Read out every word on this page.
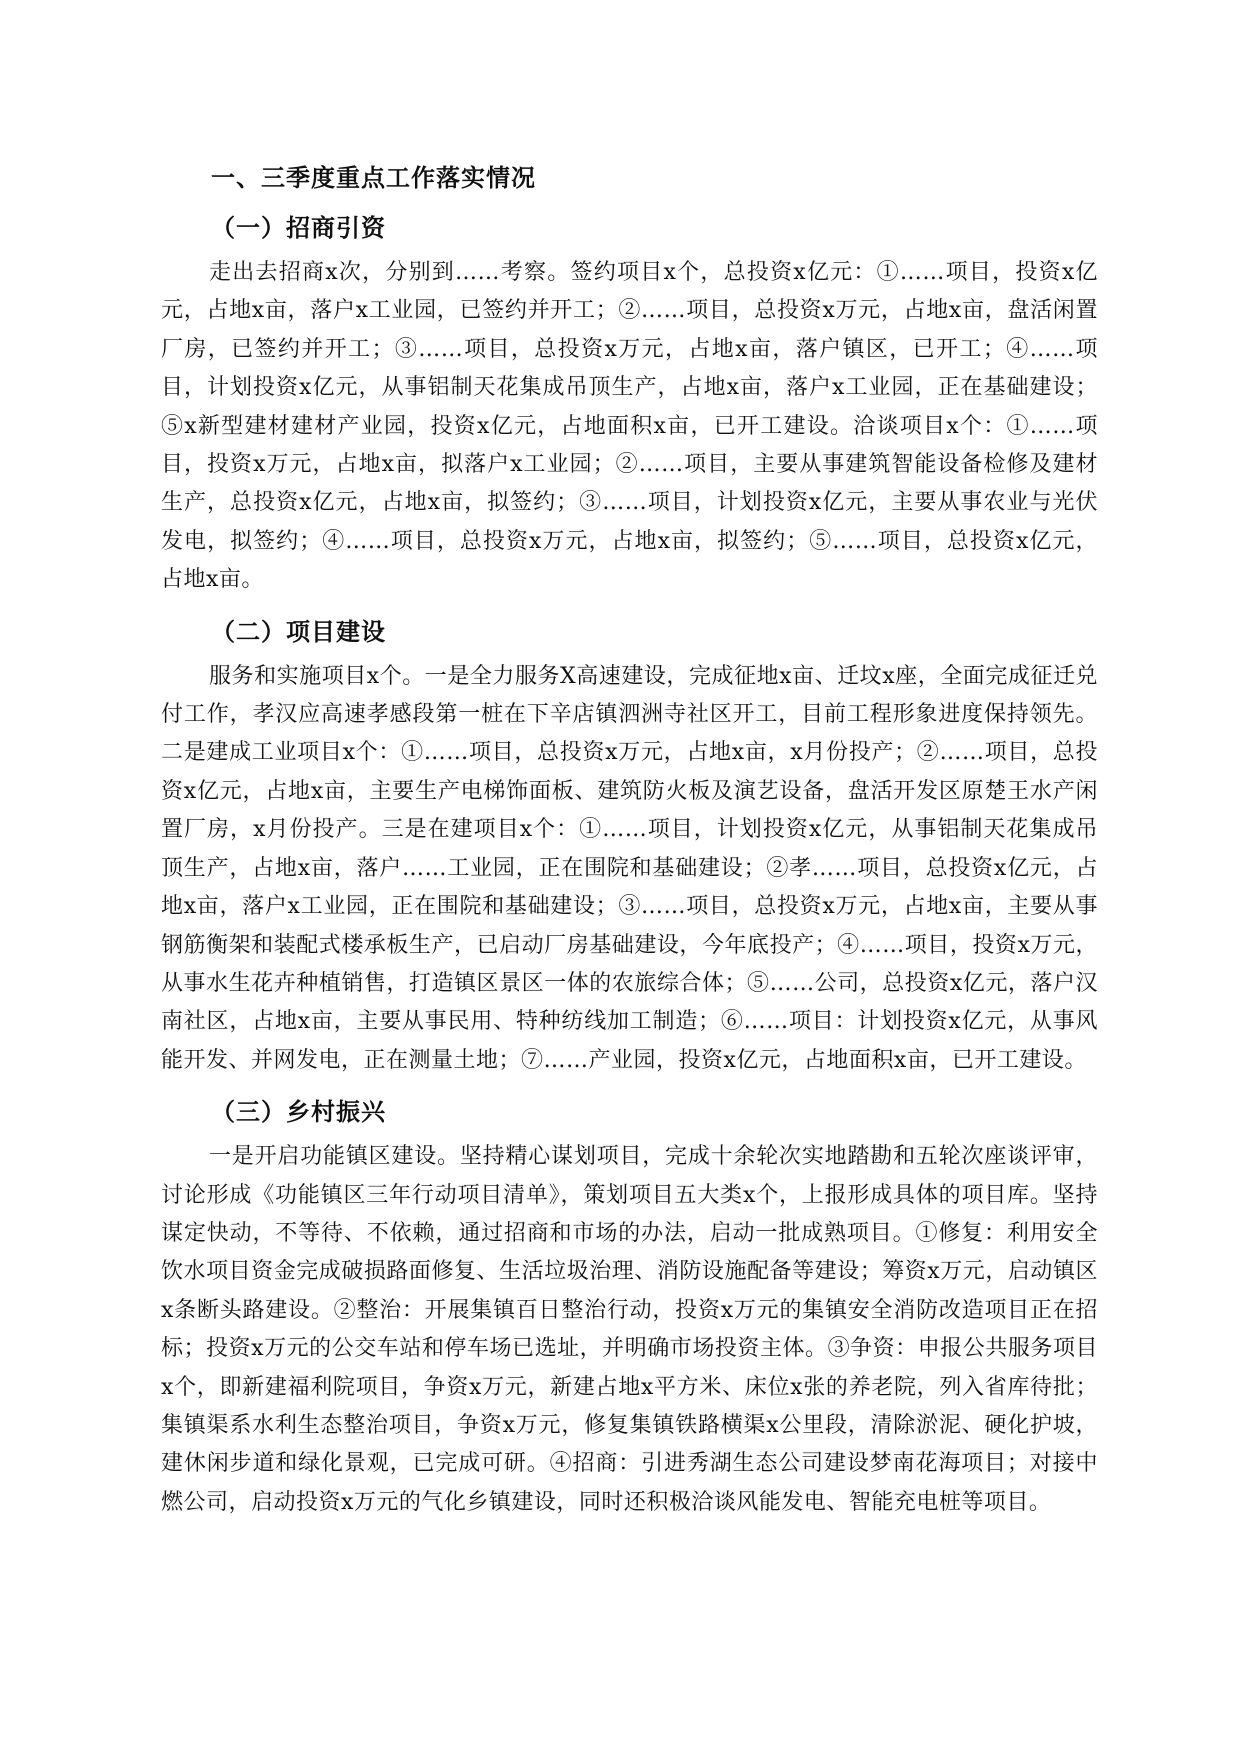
一、三季度重点工作落实情况
（一）招商引资
走出去招商x次，分别到……考察。签约项目x个，总投资x亿元：①……项目，投资x亿元，占地x亩，落户x工业园，已签约并开工；②……项目，总投资x万元，占地x亩，盘活闲置厂房，已签约并开工；③……项目，总投资x万元，占地x亩，落户镇区，已开工；④……项目，计划投资x亿元，从事铝制天花集成吊顶生产，占地x亩，落户x工业园，正在基础建设；⑤x新型建材建材产业园，投资x亿元，占地面积x亩，已开工建设。洽谈项目x个：①……项目，投资x万元，占地x亩，拟落户x工业园；②……项目，主要从事建筑智能设备检修及建材生产，总投资x亿元，占地x亩，拟签约；③……项目，计划投资x亿元，主要从事农业与光伏发电，拟签约；④……项目，总投资x万元，占地x亩，拟签约；⑤……项目，总投资x亿元，占地x亩。
（二）项目建设
服务和实施项目x个。一是全力服务X高速建设，完成征地x亩、迁坟x座，全面完成征迁兑付工作，孝汉应高速孝感段第一桩在下辛店镇泗洲寺社区开工，目前工程形象进度保持领先。二是建成工业项目x个：①……项目，总投资x万元，占地x亩，x月份投产；②……项目，总投资x亿元，占地x亩，主要生产电梯饰面板、建筑防火板及演艺设备，盘活开发区原楚王水产闲置厂房，x月份投产。三是在建项目x个：①……项目，计划投资x亿元，从事铝制天花集成吊顶生产，占地x亩，落户……工业园，正在围院和基础建设；②孝……项目，总投资x亿元，占地x亩，落户x工业园，正在围院和基础建设；③……项目，总投资x万元，占地x亩，主要从事钢筋衡架和装配式楼承板生产，已启动厂房基础建设，今年底投产；④……项目，投资x万元，从事水生花卉种植销售，打造镇区景区一体的农旅综合体；⑤……公司，总投资x亿元，落户汉南社区，占地x亩，主要从事民用、特种纺线加工制造；⑥……项目：计划投资x亿元，从事风能开发、并网发电，正在测量土地；⑦……产业园，投资x亿元，占地面积x亩，已开工建设。
（三）乡村振兴
一是开启功能镇区建设。坚持精心谋划项目，完成十余轮次实地踏勘和五轮次座谈评审，讨论形成《功能镇区三年行动项目清单》，策划项目五大类x个，上报形成具体的项目库。坚持谋定快动，不等待、不依赖，通过招商和市场的办法，启动一批成熟项目。①修复：利用安全饮水项目资金完成破损路面修复、生活垃圾治理、消防设施配备等建设；筹资x万元，启动镇区x条断头路建设。②整治：开展集镇百日整治行动，投资x万元的集镇安全消防改造项目正在招标；投资x万元的公交车站和停车场已选址，并明确市场投资主体。③争资：申报公共服务项目x个，即新建福利院项目，争资x万元，新建占地x平方米、床位x张的养老院，列入省库待批；集镇渠系水利生态整治项目，争资x万元，修复集镇铁路横渠x公里段，清除淤泥、硬化护坡，建休闲步道和绿化景观，已完成可研。④招商：引进秀湖生态公司建设梦南花海项目；对接中燃公司，启动投资x万元的气化乡镇建设，同时还积极洽谈风能发电、智能充电桩等项目。
